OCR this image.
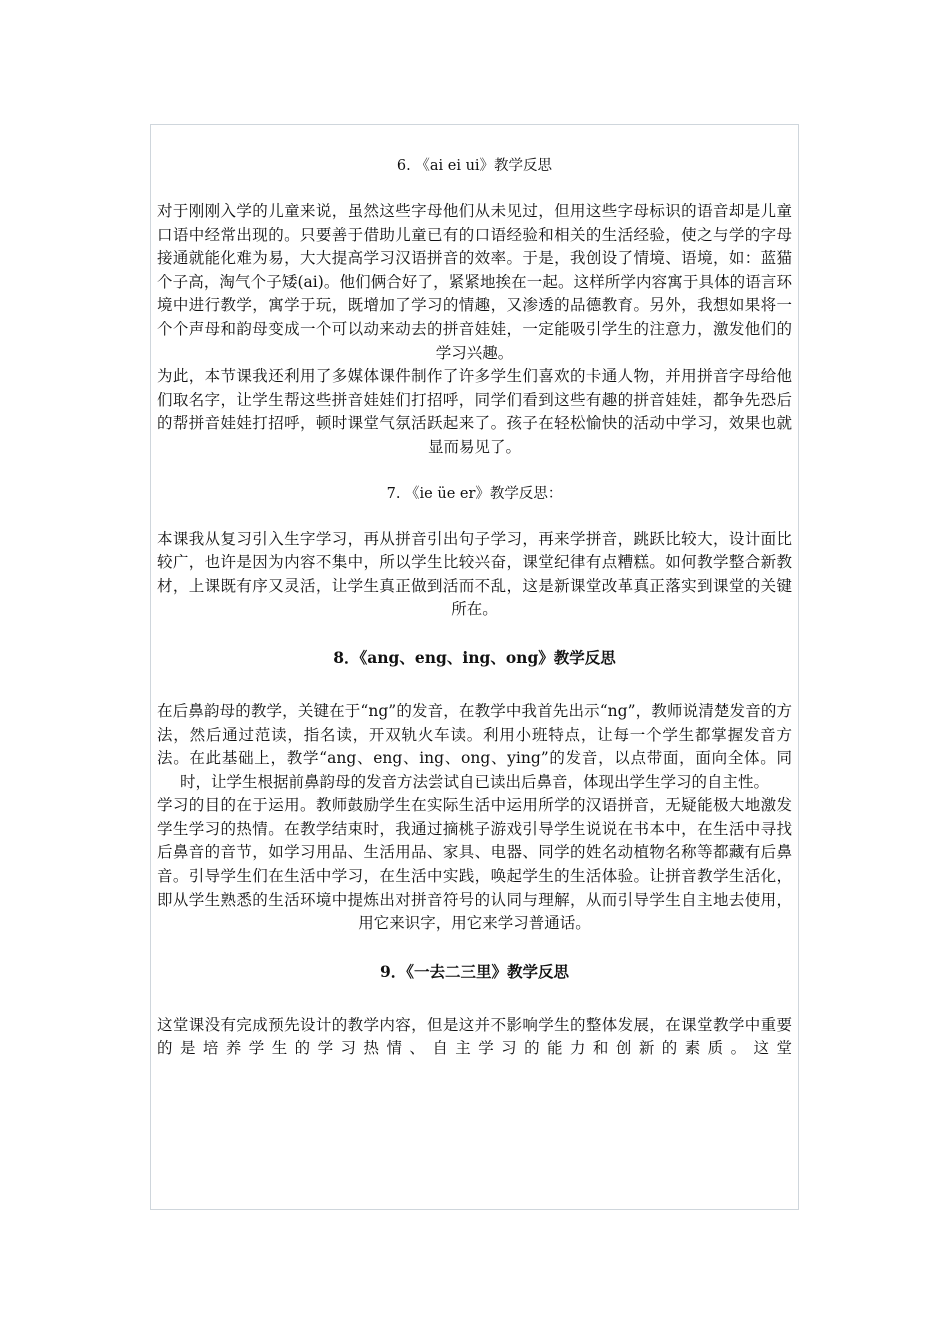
6. 《ai ei ui》教学反思

对于刚刚入学的儿童来说，虽然这些字母他们从未见过，但用这些字母标识的语音却是儿童口语中经常出现的。只要善于借助儿童已有的口语经验和相关的生活经验，使之与学的字母接通就能化难为易，大大提高学习汉语拼音的效率。于是，我创设了情境、语境，如：蓝猫个子高，淘气个子矮(ai)。他们俩合好了，紧紧地挨在一起。这样所学内容寓于具体的语言环境中进行教学，寓学于玩，既增加了学习的情趣，又渗透的品德教育。另外，我想如果将一个个声母和韵母变成一个可以动来动去的拼音娃娃，一定能吸引学生的注意力，激发他们的学习兴趣。

为此，本节课我还利用了多媒体课件制作了许多学生们喜欢的卡通人物，并用拼音字母给他们取名字，让学生帮这些拼音娃娃们打招呼，同学们看到这些有趣的拼音娃娃，都争先恐后的帮拼音娃娃打招呼，顿时课堂气氛活跃起来了。孩子在轻松愉快的活动中学习，效果也就显而易见了。

7. 《ie üe er》教学反思：

本课我从复习引入生字学习，再从拼音引出句子学习，再来学拼音，跳跃比较大，设计面比较广，也许是因为内容不集中，所以学生比较兴奋，课堂纪律有点糟糕。如何教学整合新教材，上课既有序又灵活，让学生真正做到活而不乱，这是新课堂改革真正落实到课堂的关键所在。

8．《ang、eng、ing、ong》教学反思

在后鼻韵母的教学，关键在于“ng”的发音，在教学中我首先出示“ng”，教师说清楚发音的方法，然后通过范读，指名读，开双轨火车读。利用小班特点，让每一个学生都掌握发音方法。在此基础上，教学“ang、eng、ing、ong、ying”的发音，以点带面，面向全体。同时，让学生根据前鼻韵母的发音方法尝试自已读出后鼻音，体现出学生学习的自主性。

学习的目的在于运用。教师鼓励学生在实际生活中运用所学的汉语拼音，无疑能极大地激发学生学习的热情。在教学结束时，我通过摘桃子游戏引导学生说说在书本中，在生活中寻找后鼻音的音节，如学习用品、生活用品、家具、电器、同学的姓名动植物名称等都藏有后鼻音。引导学生们在生活中学习，在生活中实践，唤起学生的生活体验。让拼音教学生活化，即从学生熟悉的生活环境中提炼出对拼音符号的认同与理解，从而引导学生自主地去使用，用它来识字，用它来学习普通话。

9．《一去二三里》教学反思

这堂课没有完成预先设计的教学内容，但是这并不影响学生的整体发展，在课堂教学中重要的是培养学生的学习热情、自主学习的能力和创新的素质。这堂
